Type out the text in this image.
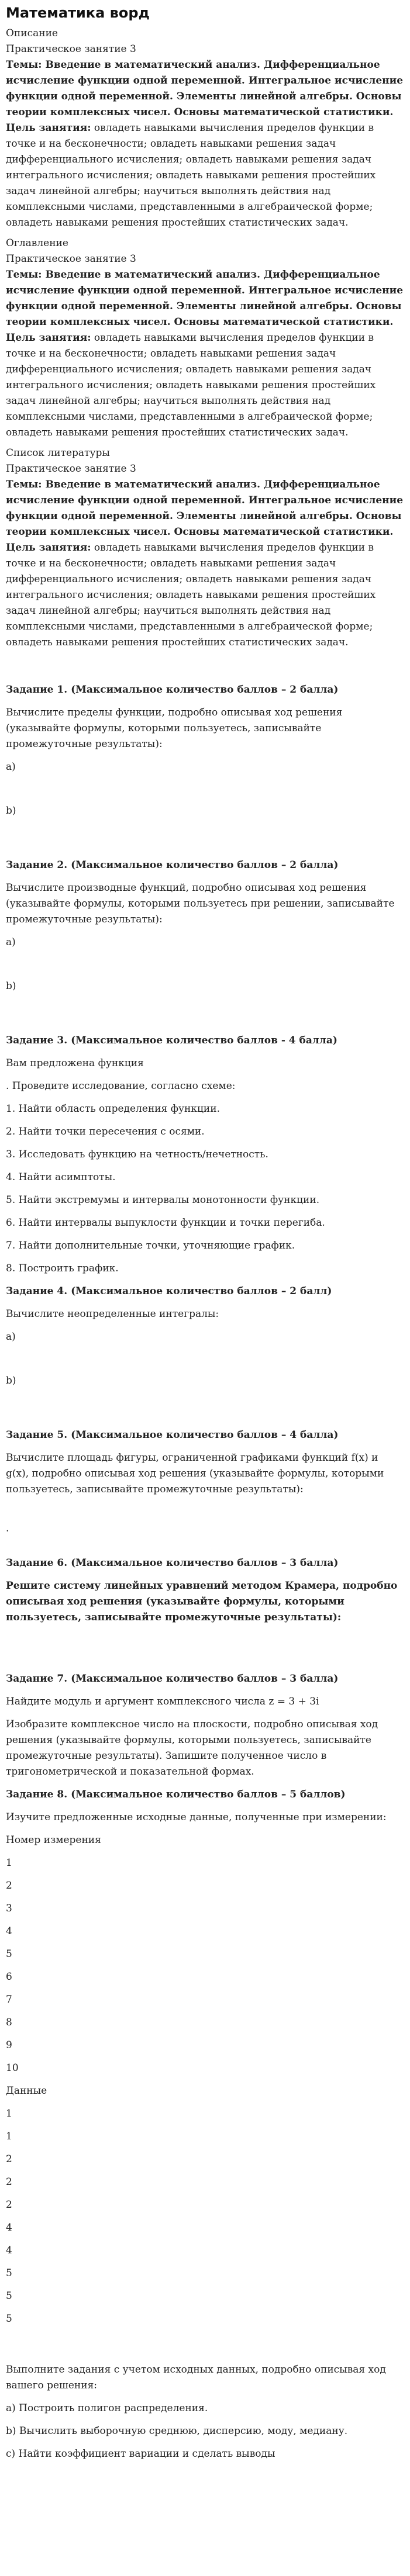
Математика ворд

Описание

Практическое занятие 3

Темы: Введение в математический анализ. Дифференциальное исчисление функции одной переменной. Интегральное исчисление функции одной переменной. Элементы линейной алгебры. Основы теории комплексных чисел. Основы математической статистики.

Цель занятия: овладеть навыками вычисления пределов функции в точке и на бесконечности; овладеть навыками решения задач дифференциального исчисления; овладеть навыками решения задач интегрального исчисления; овладеть навыками решения простейших задач линейной алгебры; научиться выполнять действия над комплексными числами, представленными в алгебраической форме; овладеть навыками решения простейших статистических задач.

Оглавление

Практическое занятие 3

Темы: Введение в математический анализ. Дифференциальное исчисление функции одной переменной. Интегральное исчисление функции одной переменной. Элементы линейной алгебры. Основы теории комплексных чисел. Основы математической статистики.

Цель занятия: овладеть навыками вычисления пределов функции в точке и на бесконечности; овладеть навыками решения задач дифференциального исчисления; овладеть навыками решения задач интегрального исчисления; овладеть навыками решения простейших задач линейной алгебры; научиться выполнять действия над комплексными числами, представленными в алгебраической форме; овладеть навыками решения простейших статистических задач.

Список литературы

Практическое занятие 3

Темы: Введение в математический анализ. Дифференциальное исчисление функции одной переменной. Интегральное исчисление функции одной переменной. Элементы линейной алгебры. Основы теории комплексных чисел. Основы математической статистики.

Цель занятия: овладеть навыками вычисления пределов функции в точке и на бесконечности; овладеть навыками решения задач дифференциального исчисления; овладеть навыками решения задач интегрального исчисления; овладеть навыками решения простейших задач линейной алгебры; научиться выполнять действия над комплексными числами, представленными в алгебраической форме; овладеть навыками решения простейших статистических задач.

Задание 1. (Максимальное количество баллов – 2 балла)

Вычислите пределы функции, подробно описывая ход решения (указывайте формулы, которыми пользуетесь, записывайте промежуточные результаты):

а)

b)

Задание 2. (Максимальное количество баллов – 2 балла)

Вычислите производные функций, подробно описывая ход решения (указывайте формулы, которыми пользуетесь при решении, записывайте промежуточные результаты):

а)

b)

Задание 3. (Максимальное количество баллов - 4 балла)

Вам предложена функция

. Проведите исследование, согласно схеме:

1. Найти область определения функции.

2. Найти точки пересечения с осями.

3. Исследовать функцию на четность/нечетность.

4. Найти асимптоты.

5. Найти экстремумы и интервалы монотонности функции.

6. Найти интервалы выпуклости функции и точки перегиба.

7. Найти дополнительные точки, уточняющие график.

8. Построить график.

Задание 4. (Максимальное количество баллов – 2 балл)

Вычислите неопределенные интегралы:

а)

b)

Задание 5. (Максимальное количество баллов – 4 балла)

Вычислите площадь фигуры, ограниченной графиками функций f(x) и g(x), подробно описывая ход решения (указывайте формулы, которыми пользуетесь, записывайте промежуточные результаты):

.

Задание 6. (Максимальное количество баллов – 3 балла)

Решите систему линейных уравнений методом Крамера, подробно описывая ход решения (указывайте формулы, которыми пользуетесь, записывайте промежуточные результаты):

Задание 7. (Максимальное количество баллов – 3 балла)

Найдите модуль и аргумент комплексного числа z = 3 + 3i

Изобразите комплексное число на плоскости, подробно описывая ход решения (указывайте формулы, которыми пользуетесь, записывайте промежуточные результаты). Запишите полученное число в тригонометрической и показательной формах.

Задание 8. (Максимальное количество баллов – 5 баллов)

Изучите предложенные исходные данные, полученные при измерении:

Номер измерения

1

2

3

4

5

6

7

8

9

10

Данные

1

1

2

2

2

4

4

5

5

5

Выполните задания с учетом исходных данных, подробно описывая ход вашего решения:

а) Построить полигон распределения.

b) Вычислить выборочную среднюю, дисперсию, моду, медиану.

c) Найти коэффициент вариации и сделать выводы
